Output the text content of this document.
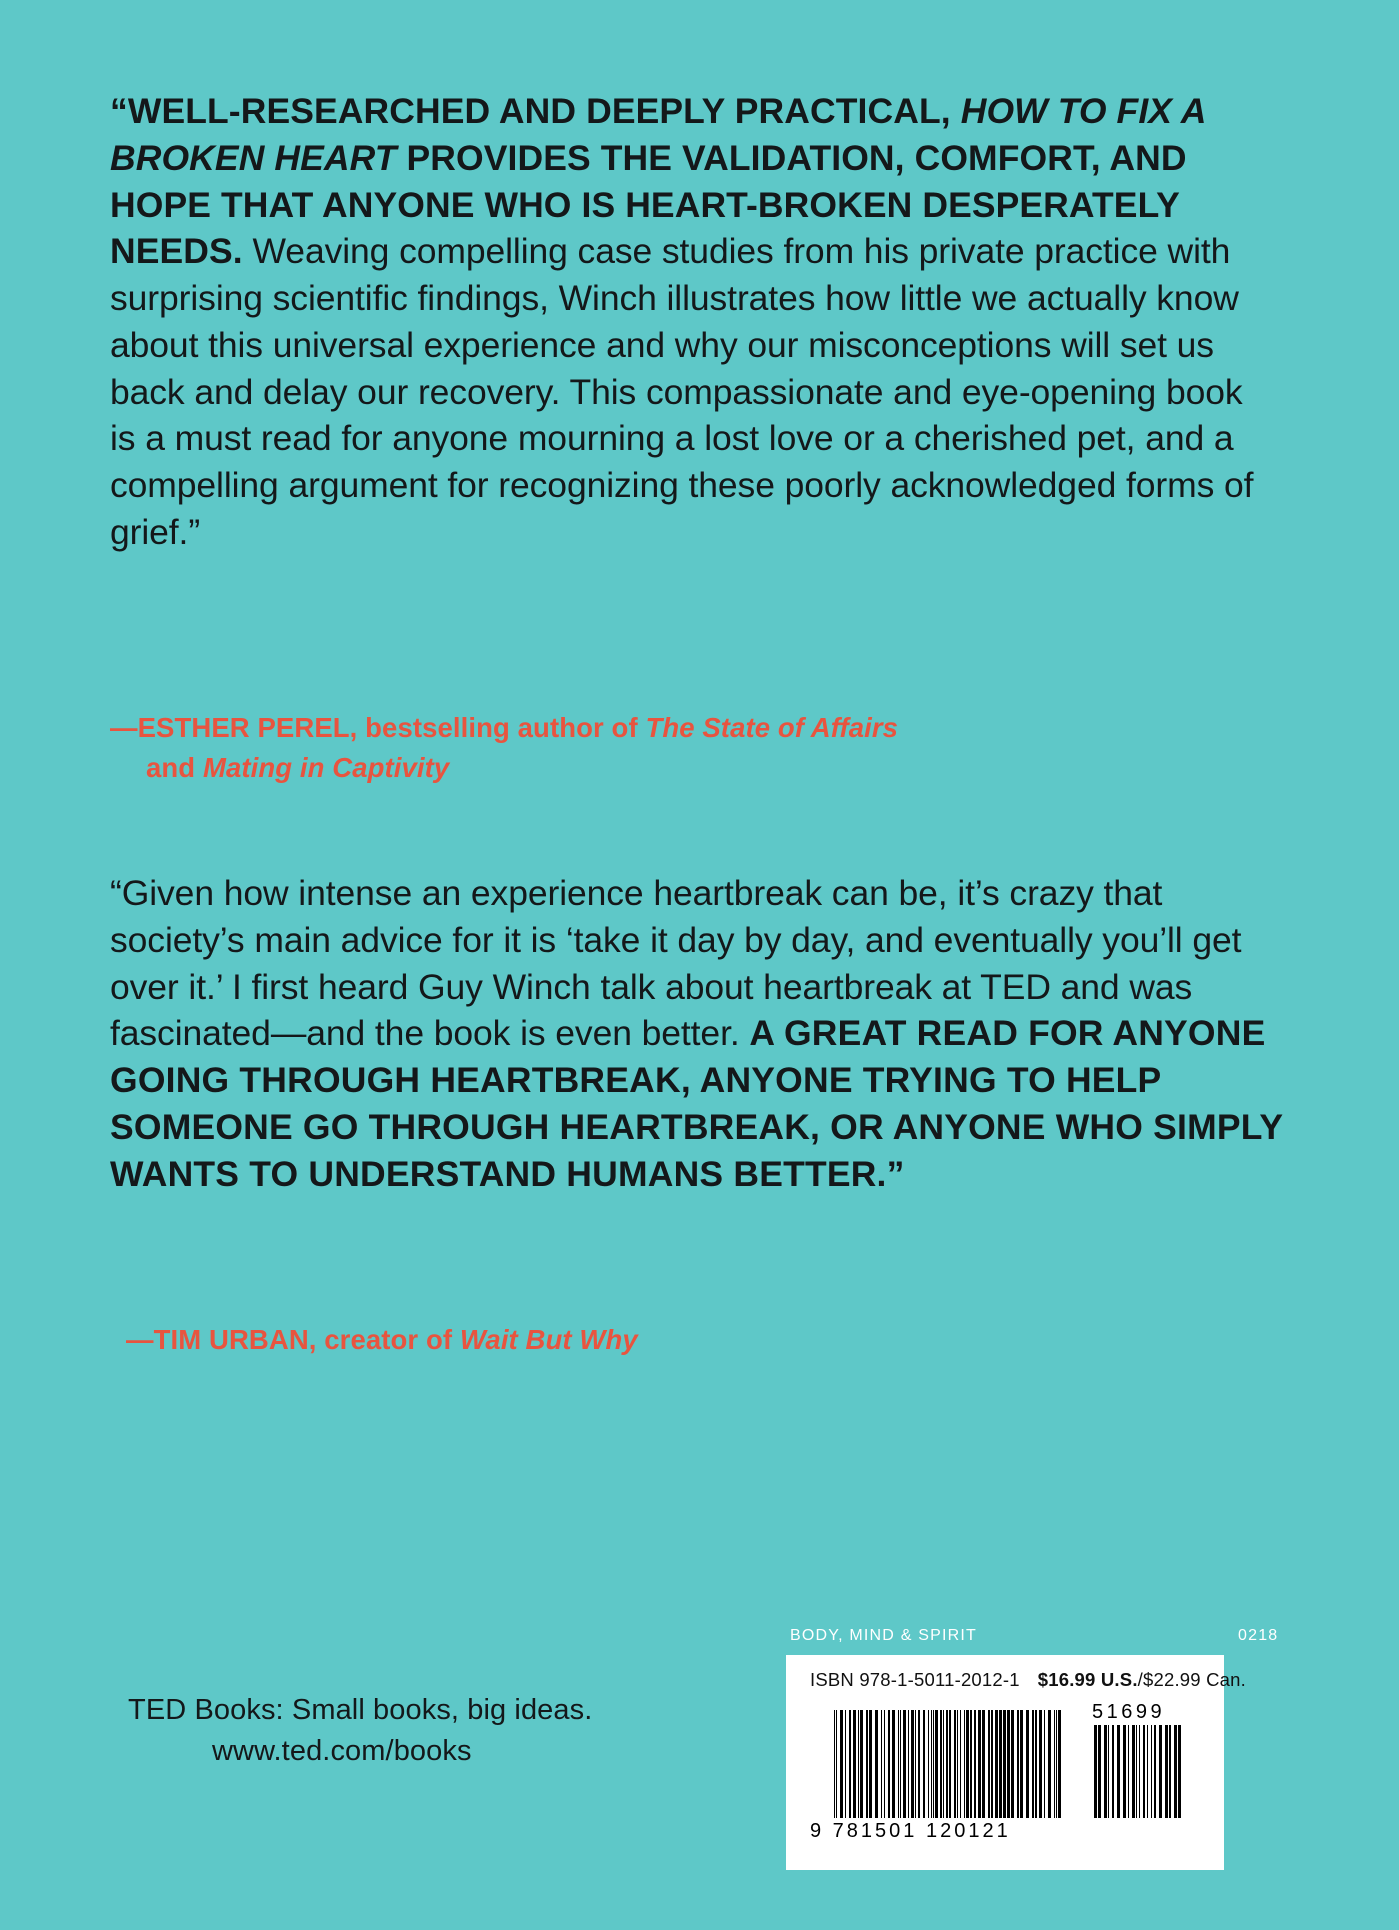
“WELL-RESEARCHED AND DEEPLY PRACTICAL, HOW TO FIX A BROKEN HEART PROVIDES THE VALIDATION, COMFORT, AND HOPE THAT ANYONE WHO IS HEART-BROKEN DESPERATELY NEEDS. Weaving compelling case studies from his private practice with surprising scientific findings, Winch illustrates how little we actually know about this universal experience and why our misconceptions will set us back and delay our recovery. This compassionate and eye-opening book is a must read for anyone mourning a lost love or a cherished pet, and a compelling argument for recognizing these poorly acknowledged forms of grief.”
—ESTHER PEREL, bestselling author of The State of Affairs
and Mating in Captivity
“Given how intense an experience heartbreak can be, it’s crazy that society’s main advice for it is ‘take it day by day, and eventually you’ll get over it.’ I first heard Guy Winch talk about heartbreak at TED and was fascinated—and the book is even better. A GREAT READ FOR ANYONE GOING THROUGH HEARTBREAK, ANYONE TRYING TO HELP SOMEONE GO THROUGH HEARTBREAK, OR ANYONE WHO SIMPLY WANTS TO UNDERSTAND HUMANS BETTER.”
—TIM URBAN, creator of Wait But Why
TED Books: Small books, big ideas.
www.ted.com/books
BODY, MIND & SPIRIT	0218
ISBN 978-1-5011-2012-1 $16.99 U.S./$22.99 Can.
51699
9 781501 120121
